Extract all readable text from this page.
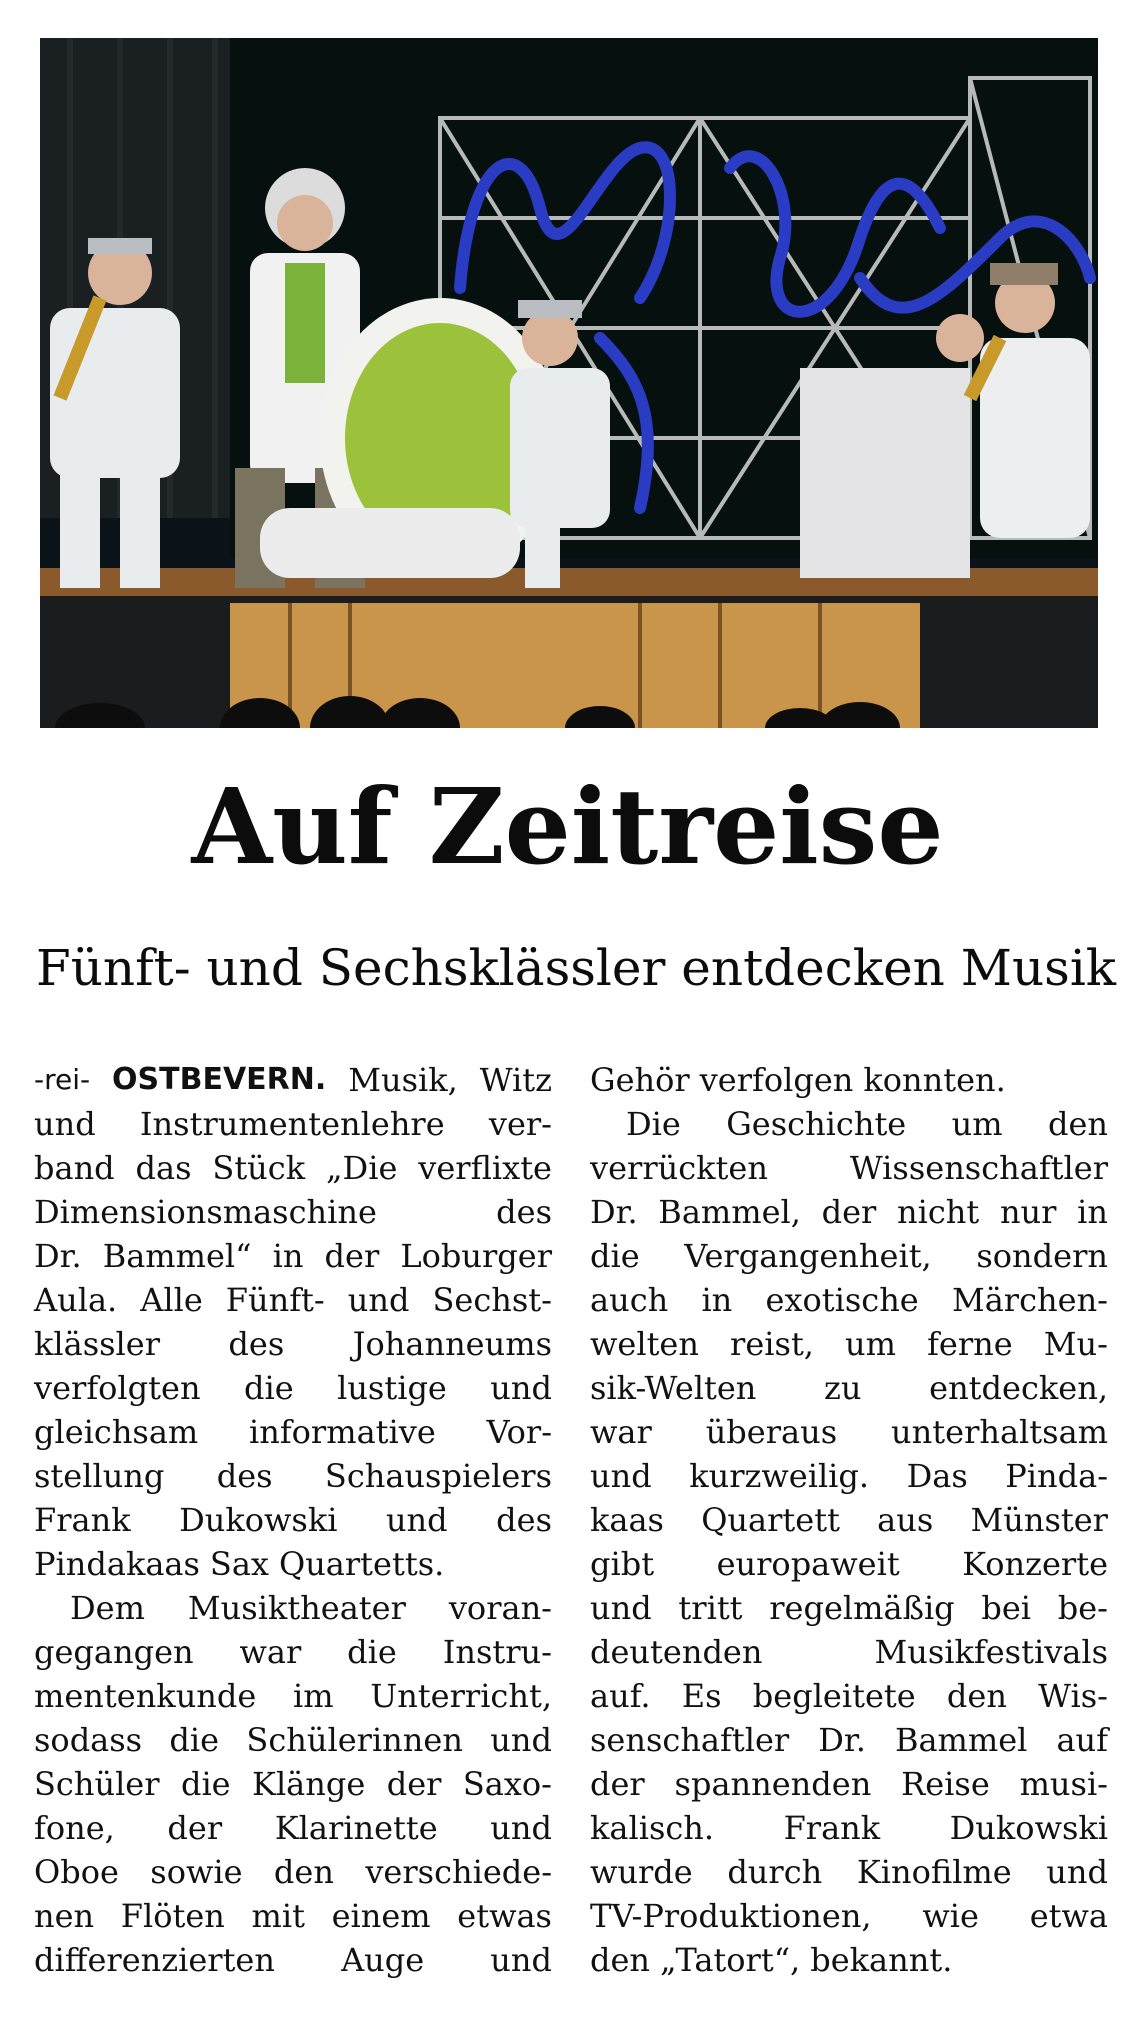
Auf Zeitreise
Fünft- und Sechsklässler entdecken Musik
-rei- OSTBEVERN. Musik, Witz
und Instrumentenlehre ver-
band das Stück „Die verflixte
Dimensionsmaschine	des
Dr. Bammel“ in der Loburger
Aula. Alle Fünft- und Sechst-
klässler des Johanneums
verfolgten die lustige und
gleichsam informative Vor-
stellung des Schauspielers
Frank Dukowski und des
Pindakaas Sax Quartetts.
Dem Musiktheater voran-
gegangen war die Instru-
mentenkunde im Unterricht,
sodass die Schülerinnen und
Schüler die Klänge der Saxo-
fone, der Klarinette und
Oboe sowie den verschiede-
nen Flöten mit einem etwas
differenzierten Auge und
Gehör verfolgen konnten.
Die Geschichte um den
verrückten	Wissenschaftler
Dr. Bammel, der nicht nur in
die Vergangenheit, sondern
auch in exotische Märchen-
welten reist, um ferne Mu-
sik-Welten zu entdecken,
war überaus unterhaltsam
und kurzweilig. Das Pinda-
kaas Quartett aus Münster
gibt europaweit Konzerte
und tritt regelmäßig bei be-
deutenden	Musikfestivals
auf. Es begleitete den Wis-
senschaftler Dr. Bammel auf
der spannenden Reise musi-
kalisch. Frank Dukowski
wurde durch Kinofilme und
TV-Produktionen, wie etwa
den „Tatort“, bekannt.
